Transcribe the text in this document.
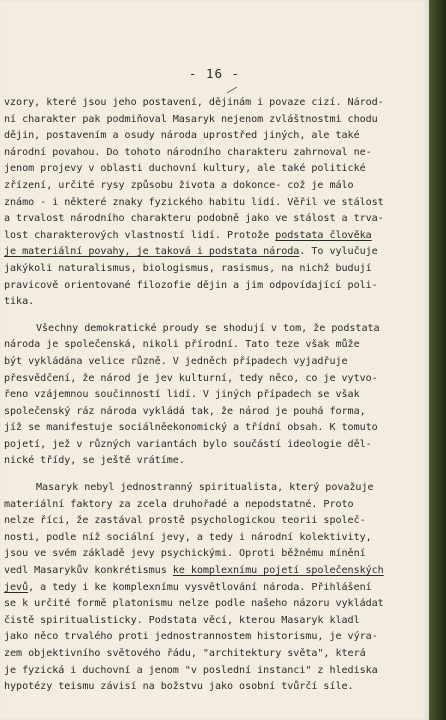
- 16 -
vzory, které jsou jeho postavení, dějinám i povaze cizí. Národ-
ní charakter pak podmiňoval Masaryk nejenom zvláštnostmi chodu
dějin, postavením a osudy národa uprostřed jiných, ale také
národní povahou. Do tohoto národního charakteru zahrnoval ne-
jenom projevy v oblasti duchovní kultury, ale také politické
zřízení, určité rysy způsobu života a dokonce- což je málo
známo - i některé znaky fyzického habitu lidí. Věřil ve stálost
a trvalost národního charakteru podobně jako ve stálost a trva-
lost charakterových vlastností lidí. Protože podstata člověka
je materiální povahy, je taková i podstata národa. To vylučuje
jakýkoli naturalismus, biologismus, rasismus, na nichž budují
pravicově orientované filozofie dějin a jim odpovídající poli-
tika.
Všechny demokratické proudy se shodují v tom, že podstata
národa je společenská, nikoli přírodní. Tato teze však může
být vykládána velice různě. V jedněch případech vyjadřuje
přesvědčení, že národ je jev kulturní, tedy něco, co je vytvo-
řeno vzájemnou součinností lidí. V jiných případech se však
společenský ráz národa vykládá tak, že národ je pouhá forma,
jíž se manifestuje sociálněekonomický a třídní obsah. K tomuto
pojetí, jež v různých variantách bylo součástí ideologie děl-
nické třídy, se ještě vrátíme.
Masaryk nebyl jednostranný spiritualista, který považuje
materiální faktory za zcela druhořadé a nepodstatné. Proto
nelze říci, že zastával prostě psychologickou teorii společ-
nosti, podle níž sociální jevy, a tedy i národní kolektivity,
jsou ve svém základě jevy psychickými. Oproti běžnému mínění
vedl Masarykův konkrétismus ke komplexnímu pojetí společenských
jevů, a tedy i ke komplexnímu vysvětlování národa. Přihlášení
se k určité formě platonismu nelze podle našeho názoru vykládat
čistě spiritualisticky. Podstata věcí, kterou Masaryk kladl
jako něco trvalého proti jednostrannostem historismu, je výra-
zem objektivního světového řádu, "architektury světa", která
je fyzická i duchovní a jenom "v poslední instanci" z hlediska
hypotézy teismu závisí na božstvu jako osobní tvůrčí síle.
